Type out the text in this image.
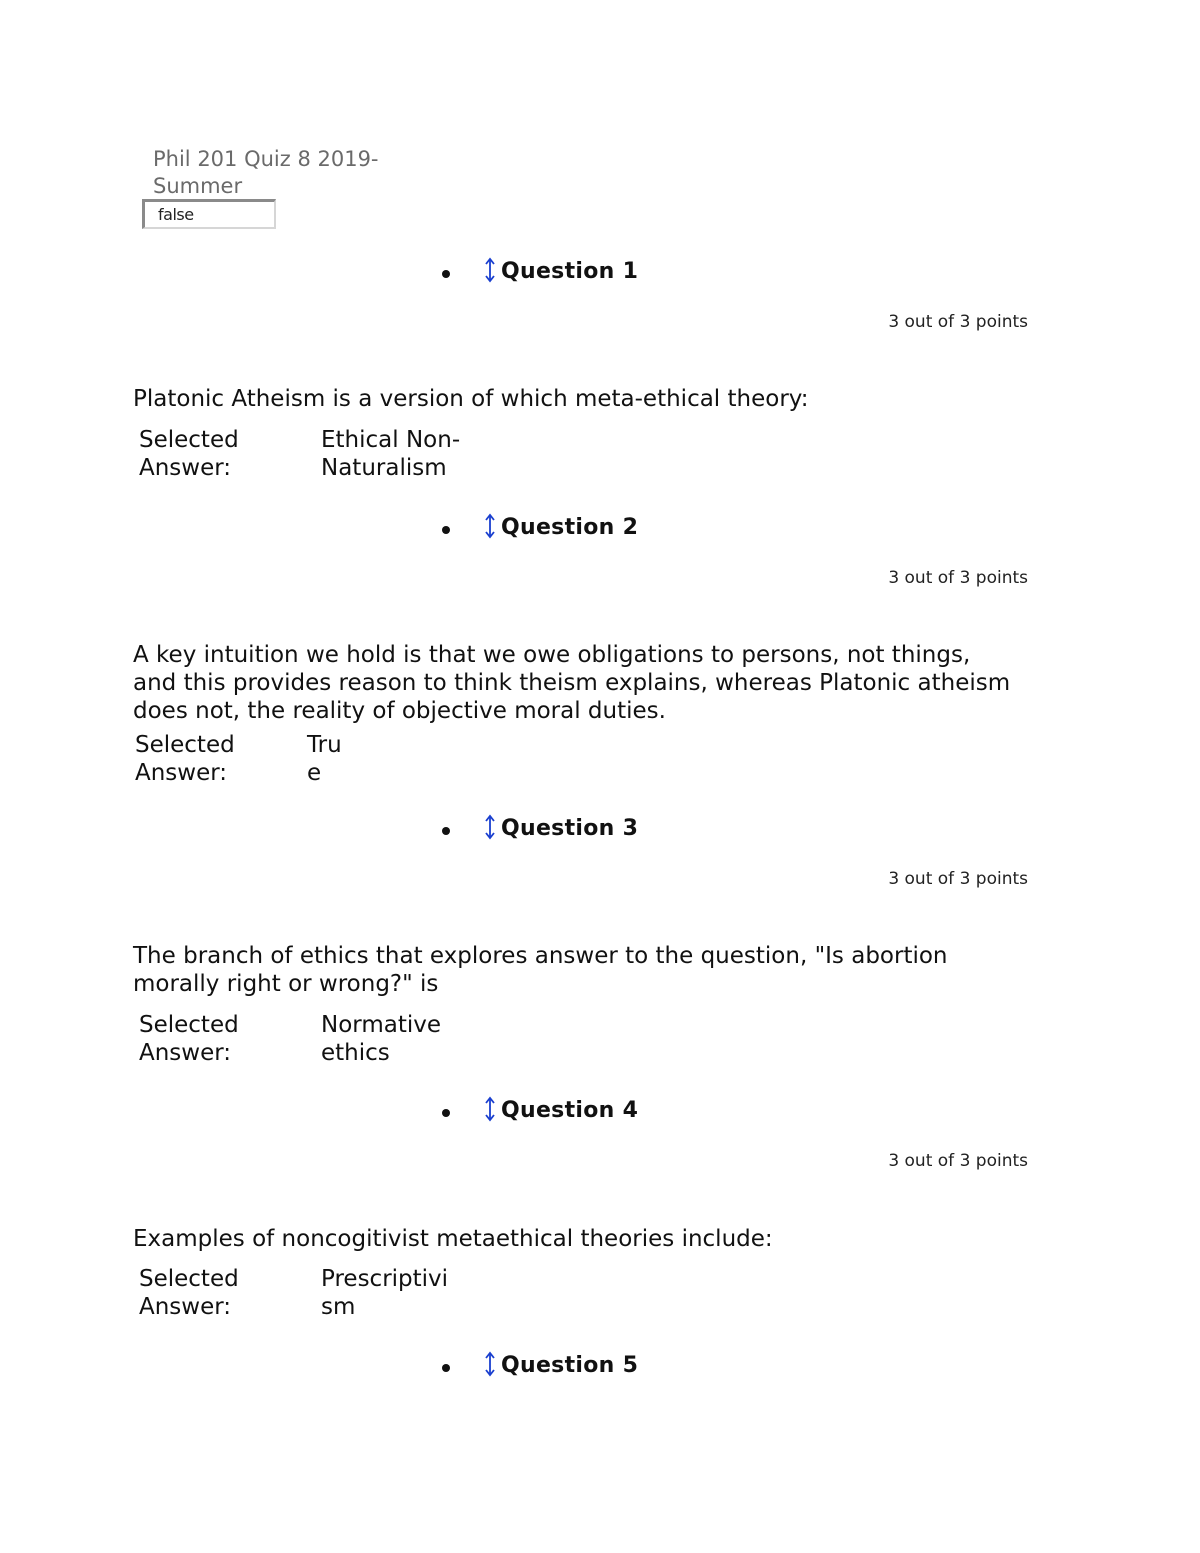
Phil 201 Quiz 8 2019-Summer
false
Question 1
3 out of 3 points
Platonic Atheism is a version of which meta-ethical theory:
Selected
Answer:
Ethical Non-
Naturalism
Question 2
3 out of 3 points
A key intuition we hold is that we owe obligations to persons, not things, and this provides reason to think theism explains, whereas Platonic atheism does not, the reality of objective moral duties.
Selected
Answer:
Tru
e
Question 3
3 out of 3 points
The branch of ethics that explores answer to the question, "Is abortion morally right or wrong?" is
Selected
Answer:
Normative
ethics
Question 4
3 out of 3 points
Examples of noncogitivist metaethical theories include:
Selected
Answer:
Prescriptivi
sm
Question 5
